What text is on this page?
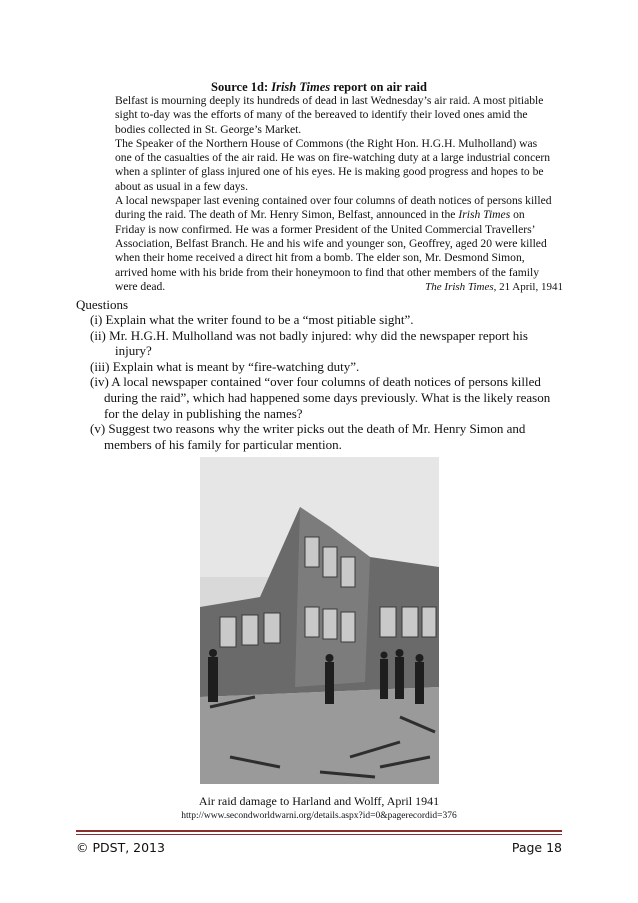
Source 1d: Irish Times report on air raid

Belfast is mourning deeply its hundreds of dead in last Wednesday’s air raid. A most pitiable

sight to-day was the efforts of many of the bereaved to identify their loved ones amid the

bodies collected in St. George’s Market.

The Speaker of the Northern House of Commons (the Right Hon. H.G.H. Mulholland) was

one of the casualties of the air raid. He was on fire-watching duty at a large industrial concern

when a splinter of glass injured one of his eyes. He is making good progress and hopes to be

about as usual in a few days.

A local newspaper last evening contained over four columns of death notices of persons killed

during the raid. The death of Mr. Henry Simon, Belfast, announced in the Irish Times on

Friday is now confirmed. He was a former President of the United Commercial Travellers’

Association, Belfast Branch. He and his wife and younger son, Geoffrey, aged 20 were killed

when their home received a direct hit from a bomb. The elder son, Mr. Desmond Simon,

arrived home with his bride from their honeymoon to find that other members of the family

were dead.	The Irish Times, 21 April, 1941

Questions

(i) Explain what the writer found to be a “most pitiable sight”.

(ii) Mr. H.G.H. Mulholland was not badly injured: why did the newspaper report his

injury?

(iii) Explain what is meant by “fire-watching duty”.

(iv) A local newspaper contained “over four columns of death notices of persons killed

during the raid”, which had happened some days previously. What is the likely reason

for the delay in publishing the names?

(v) Suggest two reasons why the writer picks out the death of Mr. Henry Simon and

members of his family for particular mention.

Air raid damage to Harland and Wolff, April 1941
http://www.secondworldwarni.org/details.aspx?id=0&pagerecordid=376
© PDST, 2013	Page 18
